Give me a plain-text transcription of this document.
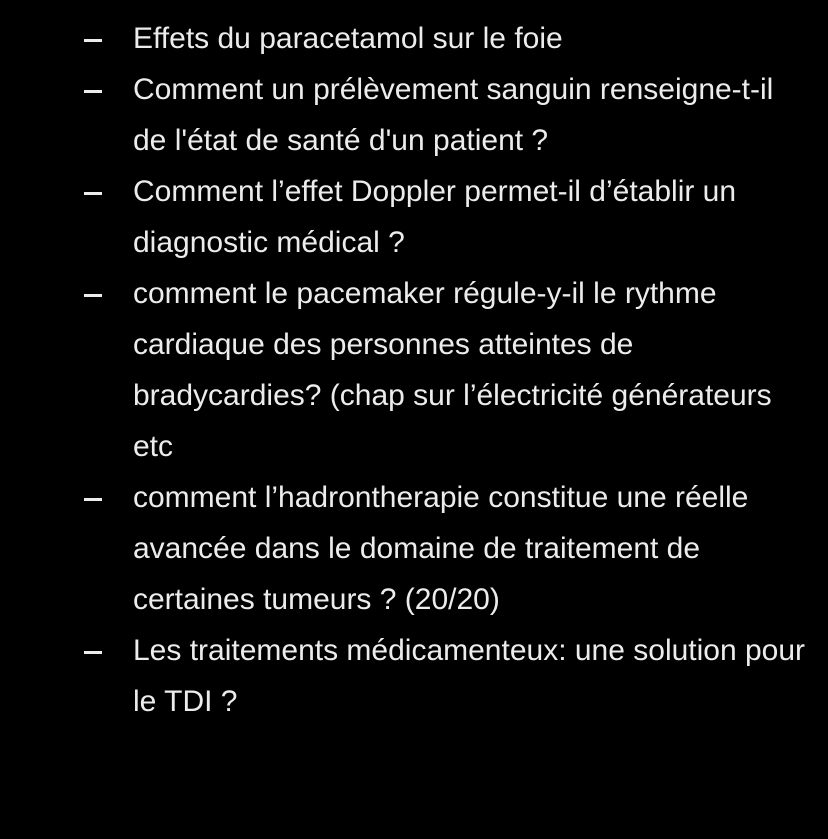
Effets du paracetamol sur le foie
Comment un prélèvement sanguin renseigne-t-il de l'état de santé d'un patient ?
Comment l’effet Doppler permet-il d’établir un diagnostic médical ?
comment le pacemaker régule-y-il le rythme cardiaque des personnes atteintes de bradycardies? (chap sur l’électricité générateurs etc
comment l’hadrontherapie constitue une réelle avancée dans le domaine de traitement de certaines tumeurs ? (20/20)
Les traitements médicamenteux: une solution pour le TDI ?
